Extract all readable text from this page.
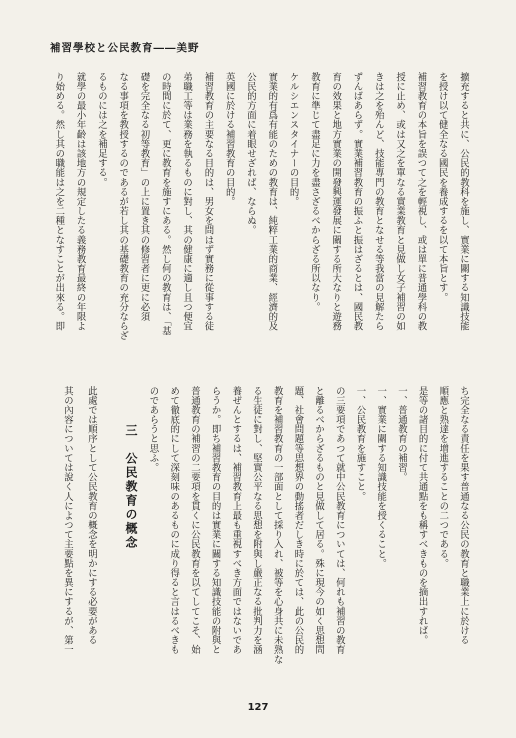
補習學校と公民教育――美野
擴充すると共に、公民的教科を施し、實業に關する知識技能
を授け以て健全なる國民を養成するを以て本旨とす。
補習教育の本旨を誤つて之を輕視し、或は單に普通學科の教
授に止め、或は又之を單なる實業教育と見做し女子補習の如
きは之を殆んど、技能專門の教育となせる等我當の見解たら
ずんばあらず。實業補習教育の振ふと振はざるとは、國民教
育の效果と地方實業の開發興運發展に關する所大なりと遊務
教育に準じて盡足に力を盡さざるべからざる所以なり。
ケルシエンスタイナーの目的。
實業的有爲有能のための教育は、純粹工業的商業、經濟的及
公民的方面に着眼せざれば、ならぬ。
英國に於ける補習教育の目的。
補習教育の主要なる目的は、男女を問はず實務に從事する徒
弟職工等は業務を執るものに對し、其の健康に適し且つ便宜
の時間に於て、更に教育を施すにある。然し何の教育は、「基
礎を完全なる初等教育」の上に置き其の修習者に更に必須
なる事項を教授するのであるが若し其の基礎教育の充分ならざ
るものには之を補足する。
就學の最小年齡は該地方の規定したる義務教育最終の年限よ
り始める。然し其の職能は之を二種となすことが出來る。即
ち完全なる責任を果す普通なる公民の教育と職業上に於ける
順應と熟達を增進することの二つである。
是等の諸目的に付て共通點をも稱すべきものを摘出すれば。
一、普通教育の補習。
一、實業に關する知識技能を授くること。
一、公民教育を施すこと。
の三要項であつて就中公民教育については、何れも補習の教育
と離るべからざるものと見做して居る。殊に現今の如く思想問
題、社會問題等思想界の動搖者だしき時に於ては、此の公民的
教育を補習教育の一部面として採り入れ、被等を心身共に未熟な
る生徒に對し、堅實公平なる思想を附與し嚴正なる批判力を涵
養ぜんとするは、補習教育上最も重視すべき方面ではないであ
らうか。即ち補習教育の目的は實業に關する知識技能の附與と
普通教育の補習の二要項を貫くに公民教育を以てしてこそ、始
めて徹底的にして深刻味のあるものに成り得ると言はるべきも
のであらうと思ふ。
三　公民教育の概念
此處では順序として公民教育の概念を明かにする必要がある
其の內容については說く人によつて主要點を異にするが、第一
127
